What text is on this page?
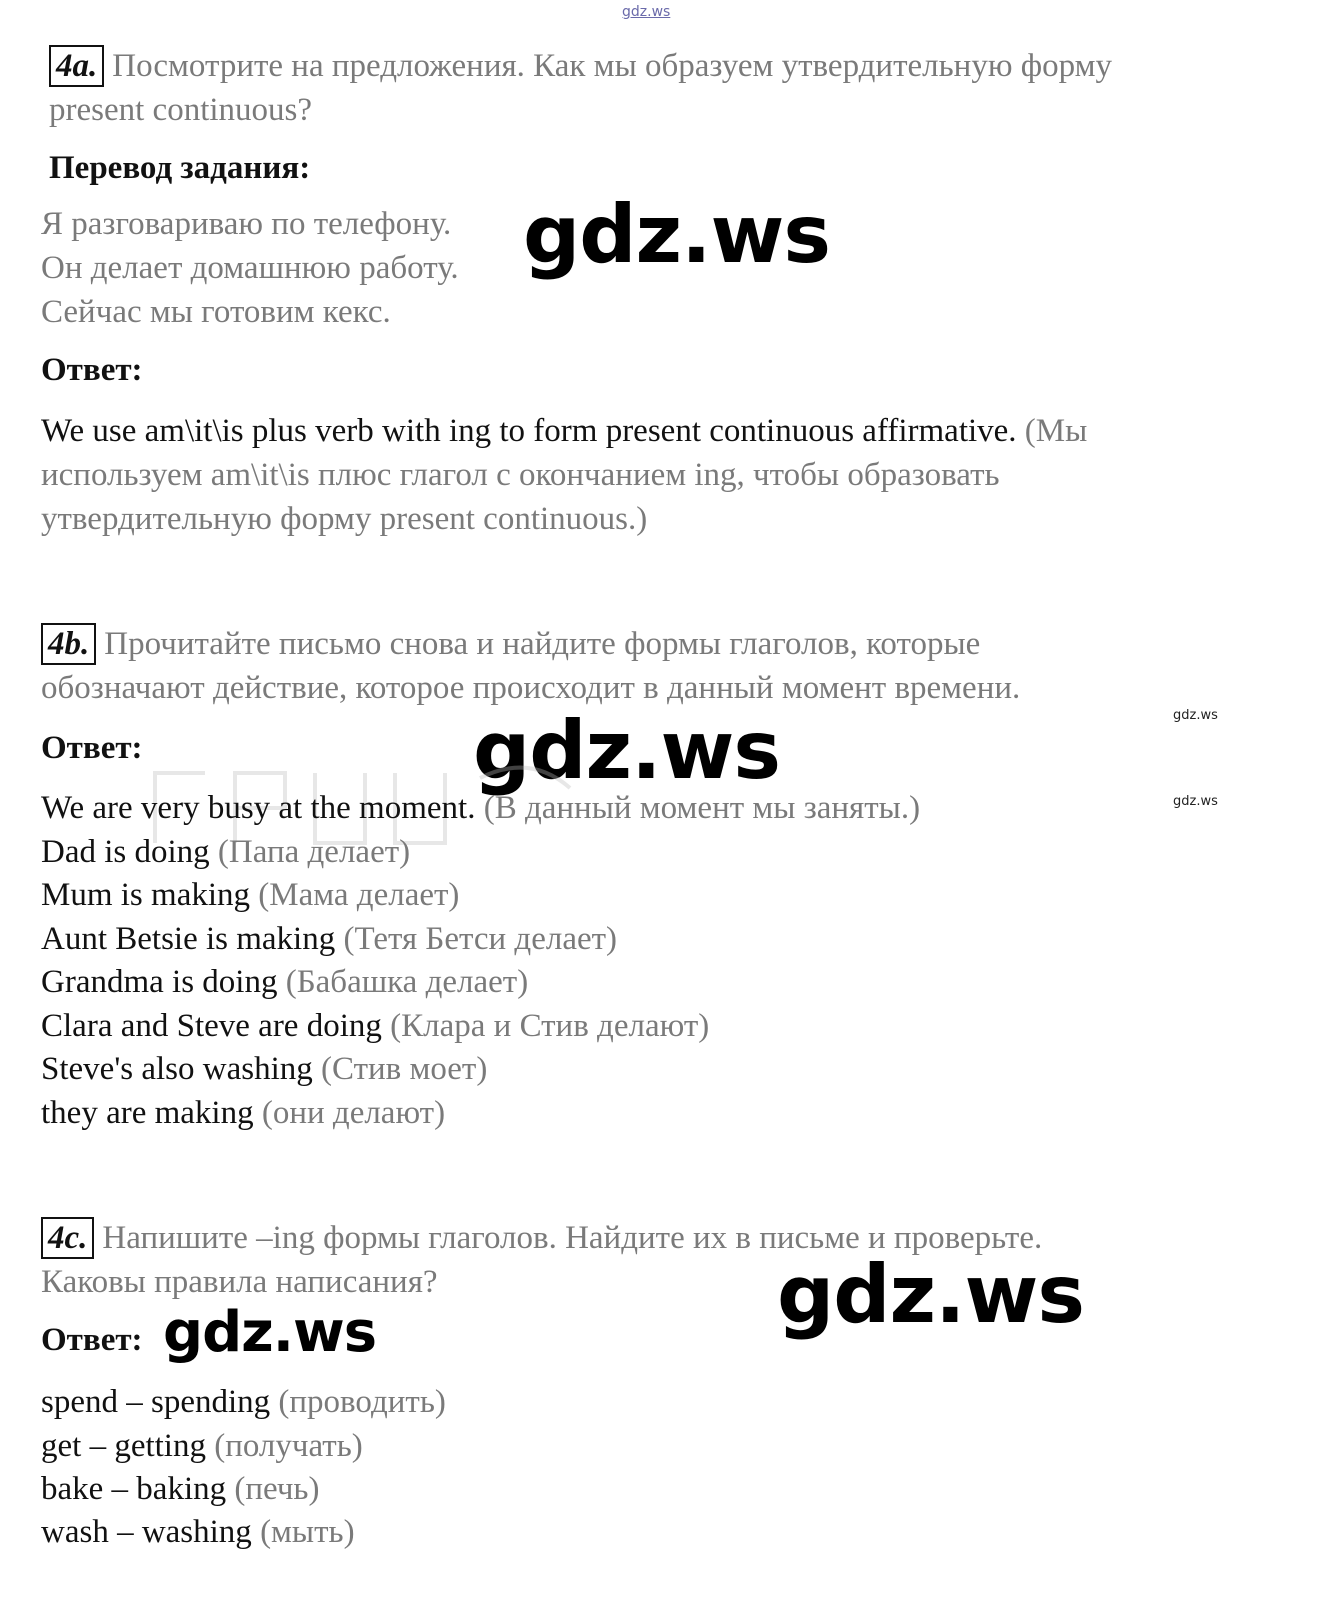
gdz.ws
4a. Посмотрите на предложения. Как мы образуем утвердительную форму
present continuous?
Перевод задания:
Я разговариваю по телефону.
Он делает домашнюю работу.
Сейчас мы готовим кекс.
gdz.ws
Ответ:
We use am\it\is plus verb with ing to form present continuous affirmative. (Мы
используем am\it\is плюс глагол с окончанием ing, чтобы образовать
утвердительную форму present continuous.)
4b. Прочитайте письмо снова и найдите формы глаголов, которые
обозначают действие, которое происходит в данный момент времени.
gdz.ws
gdz.ws
Ответ:	gdz.ws
We are very busy at the moment. (В данный момент мы заняты.)
Dad is doing (Папа делает)
Mum is making (Мама делает)
Aunt Betsie is making (Тетя Бетси делает)
Grandma is doing (Бабашка делает)
Clara and Steve are doing (Клара и Стив делают)
Steve's also washing (Стив моет)
they are making (они делают)
4c. Напишите –ing формы глаголов. Найдите их в письме и проверьте.
Каковы правила написания?	gdz.ws
Ответ: gdz.ws
spend – spending (проводить)
get – getting (получать)
bake – baking (печь)
wash – washing (мыть)
